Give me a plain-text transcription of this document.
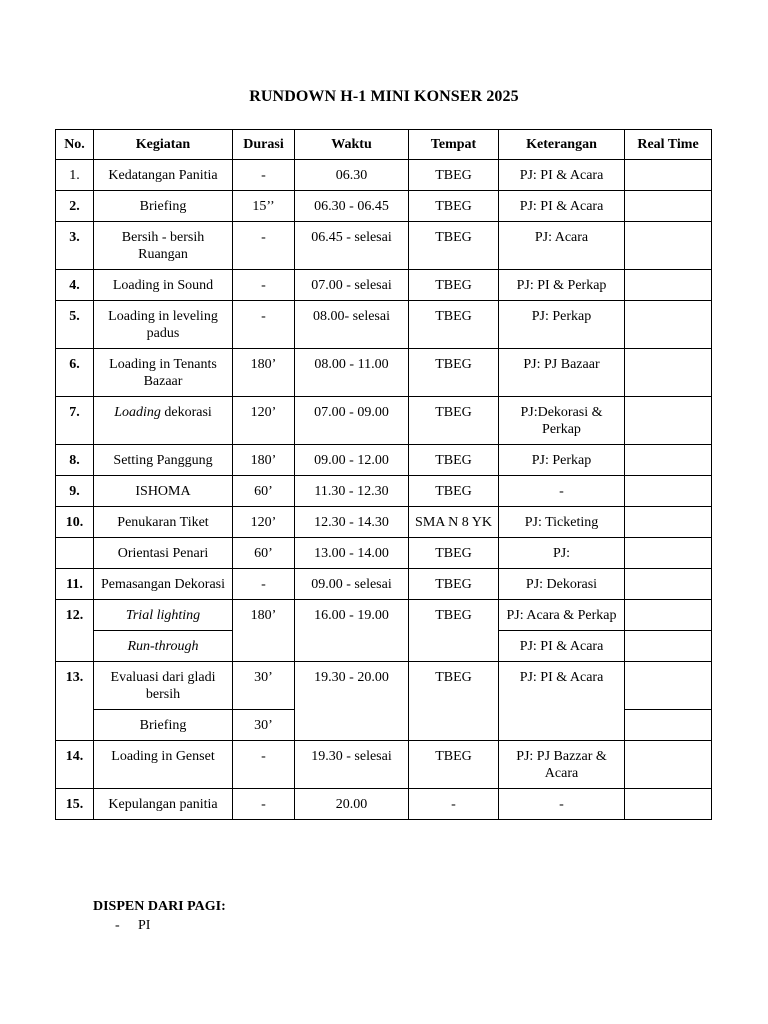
RUNDOWN H-1 MINI KONSER 2025
No.	Kegiatan	Durasi	Waktu	Tempat	Keterangan	Real Time
1.	Kedatangan Panitia	-	06.30	TBEG	PJ: PI & Acara	
2.	Briefing	15’’	06.30 - 06.45	TBEG	PJ: PI & Acara	
3.	Bersih - bersih Ruangan	-	06.45 - selesai	TBEG	PJ: Acara	
4.	Loading in Sound	-	07.00 - selesai	TBEG	PJ: PI & Perkap	
5.	Loading in leveling padus	-	08.00- selesai	TBEG	PJ: Perkap	
6.	Loading in Tenants Bazaar	180’	08.00 - 11.00	TBEG	PJ: PJ Bazaar	
7.	Loading dekorasi	120’	07.00 - 09.00	TBEG	PJ:Dekorasi & Perkap	
8.	Setting Panggung	180’	09.00 - 12.00	TBEG	PJ: Perkap	
9.	ISHOMA	60’	11.30 - 12.30	TBEG	-	
10.	Penukaran Tiket	120’	12.30 - 14.30	SMA N 8 YK	PJ: Ticketing	
	Orientasi Penari	60’	13.00 - 14.00	TBEG	PJ:	
11.	Pemasangan Dekorasi	-	09.00 - selesai	TBEG	PJ: Dekorasi	
12.	Trial lighting	180’	16.00 - 19.00	TBEG	PJ: Acara & Perkap	
	Run-through				PJ: PI & Acara	
13.	Evaluasi dari gladi bersih	30’	19.30 - 20.00	TBEG	PJ: PI & Acara	
	Briefing	30’				
14.	Loading in Genset	-	19.30 - selesai	TBEG	PJ: PJ Bazzar & Acara	
15.	Kepulangan panitia	-	20.00	-	-	
DISPEN DARI PAGI:
- PI
